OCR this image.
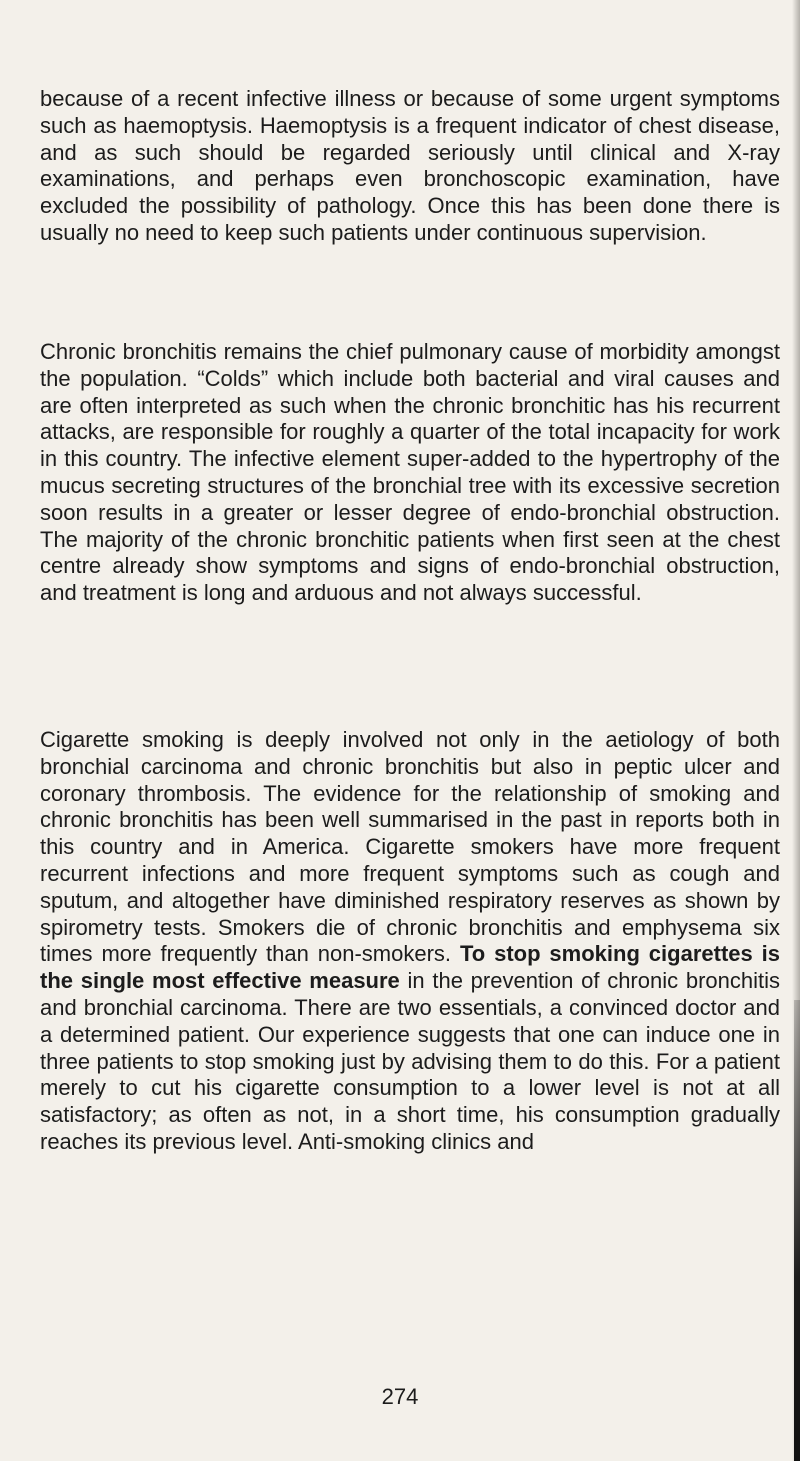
because of a recent infective illness or because of some urgent symptoms such as haemoptysis. Haemoptysis is a frequent indicator of chest disease, and as such should be regarded seriously until clinical and X-ray examinations, and perhaps even bronchoscopic examination, have excluded the possibility of pathology. Once this has been done there is usually no need to keep such patients under continuous supervision.

Chronic bronchitis remains the chief pulmonary cause of morbidity amongst the population. “Colds” which include both bacterial and viral causes and are often interpreted as such when the chronic bronchitic has his recurrent attacks, are responsible for roughly a quarter of the total incapacity for work in this country. The infective element super-added to the hypertrophy of the mucus secreting structures of the bronchial tree with its excessive secretion soon results in a greater or lesser degree of endo-bronchial obstruction. The majority of the chronic bronchitic patients when first seen at the chest centre already show symptoms and signs of endo-bronchial obstruction, and treatment is long and arduous and not always successful.

Cigarette smoking is deeply involved not only in the aetiology of both bronchial carcinoma and chronic bronchitis but also in peptic ulcer and coronary thrombosis. The evidence for the relationship of smoking and chronic bronchitis has been well summarised in the past in reports both in this country and in America. Cigarette smokers have more frequent recurrent infections and more frequent symptoms such as cough and sputum, and altogether have diminished respiratory reserves as shown by spirometry tests. Smokers die of chronic bronchitis and emphysema six times more frequently than non-smokers. To stop smoking cigarettes is the single most effective measure in the prevention of chronic bronchitis and bronchial carcinoma. There are two essentials, a convinced doctor and a determined patient. Our experience suggests that one can induce one in three patients to stop smoking just by advising them to do this. For a patient merely to cut his cigarette consumption to a lower level is not at all satisfactory; as often as not, in a short time, his consumption gradually reaches its previous level. Anti-smoking clinics and

274
